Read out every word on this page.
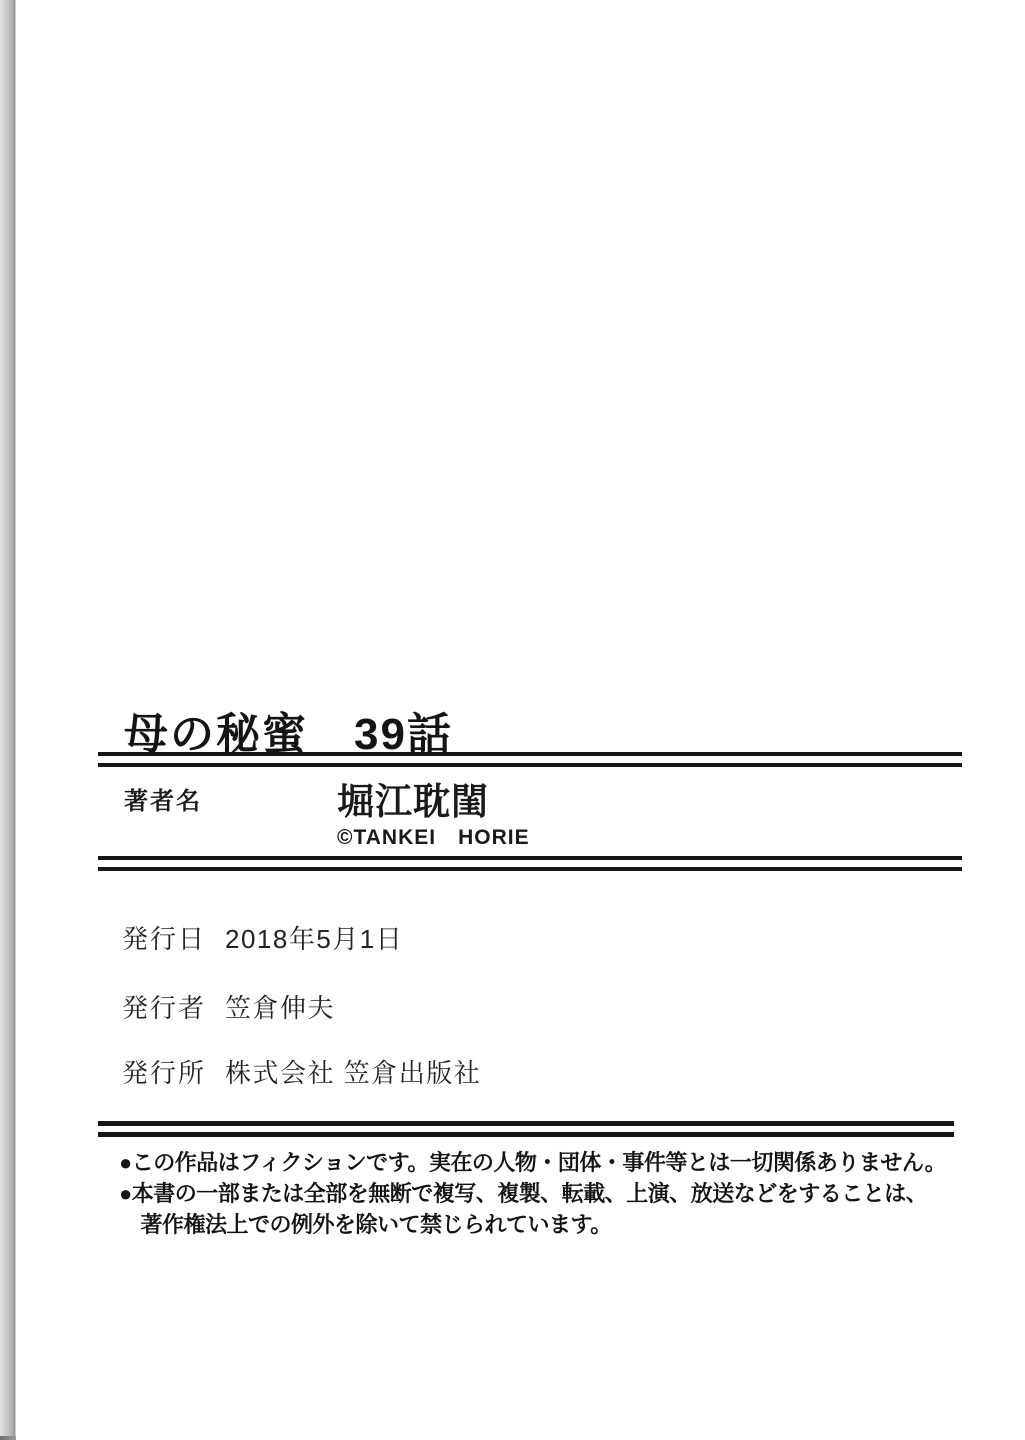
母の秘蜜　39話
著者名	堀江耽閨
©TANKEI　HORIE
発行日 2018年5月1日
発行者 笠倉伸夫
発行所 株式会社 笠倉出版社
●この作品はフィクションです。実在の人物・団体・事件等とは一切関係ありません。
●本書の一部または全部を無断で複写、複製、転載、上演、放送などをすることは、
　著作権法上での例外を除いて禁じられています。
